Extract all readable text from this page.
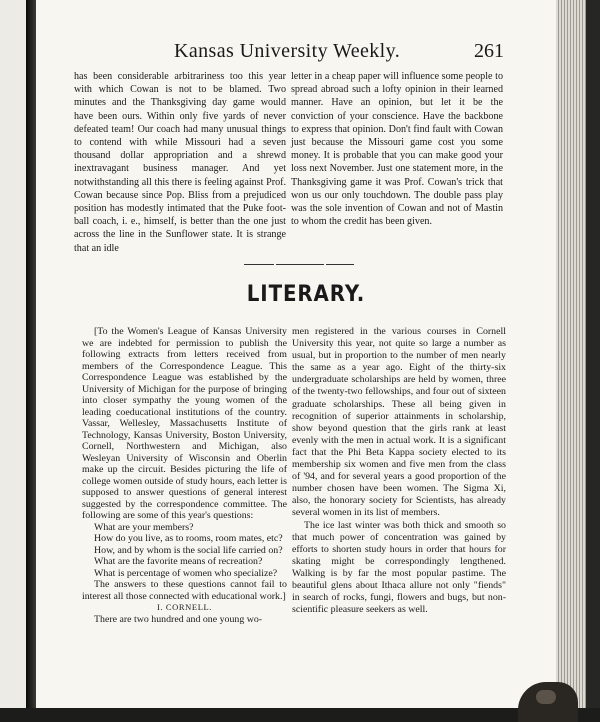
Kansas University Weekly.	261

has been considerable arbitrariness too this year with which Cowan is not to be blamed. Two minutes and the Thanksgiving day game would have been ours. Within only five yards of never defeated team! Our coach had many unusual things to contend with while Missouri had a seven thousand dollar appropriation and a shrewd inextravagant business manager. And yet notwithstanding all this there is feeling against Prof. Cowan because since Pop. Bliss from a prejudiced position has modestly intimated that the Puke foot-ball coach, i. e., himself, is better than the one just across the line in the Sunflower state. It is strange that an idle

letter in a cheap paper will influence some people to spread abroad such a lofty opinion in their learned manner. Have an opinion, but let it be the conviction of your conscience. Have the backbone to express that opinion. Don't find fault with Cowan just because the Missouri game cost you some money. It is probable that you can make good your loss next November. Just one statement more, in the Thanksgiving game it was Prof. Cowan's trick that won us our only touchdown. The double pass play was the sole invention of Cowan and not of Mastin to whom the credit has been given.

LITERARY.

[To the Women's League of Kansas University we are indebted for permission to publish the following extracts from letters received from members of the Correspondence League. This Correspondence League was established by the University of Michigan for the purpose of bringing into closer sympathy the young women of the leading coeducational institutions of the country. Vassar, Wellesley, Massachusetts Institute of Technology, Kansas University, Boston University, Cornell, Northwestern and Michigan, also Wesleyan University of Wisconsin and Oberlin make up the circuit. Besides picturing the life of college women outside of study hours, each letter is supposed to answer questions of general interest suggested by the correspondence committee. The following are some of this year's questions:

What are your members?

How do you live, as to rooms, room mates, etc?

How, and by whom is the social life carried on?

What are the favorite means of recreation?

What is percentage of women who specialize?

The answers to these questions cannot fail to interest all those connected with educational work.]

I. CORNELL.

There are two hundred and one young wo-

men registered in the various courses in Cornell University this year, not quite so large a number as usual, but in proportion to the number of men nearly the same as a year ago. Eight of the thirty-six undergraduate scholarships are held by women, three of the twenty-two fellowships, and four out of sixteen graduate scholarships. These all being given in recognition of superior attainments in scholarship, show beyond question that the girls rank at least evenly with the men in actual work. It is a significant fact that the Phi Beta Kappa society elected to its membership six women and five men from the class of '94, and for several years a good proportion of the number chosen have been women. The Sigma Xi, also, the honorary society for Scientists, has already several women in its list of members.

The ice last winter was both thick and smooth so that much power of concentration was gained by efforts to shorten study hours in order that hours for skating might be correspondingly lengthened. Walking is by far the most popular pastime. The beautiful glens about Ithaca allure not only "fiends" in search of rocks, fungi, flowers and bugs, but non-scientific pleasure seekers as well.
